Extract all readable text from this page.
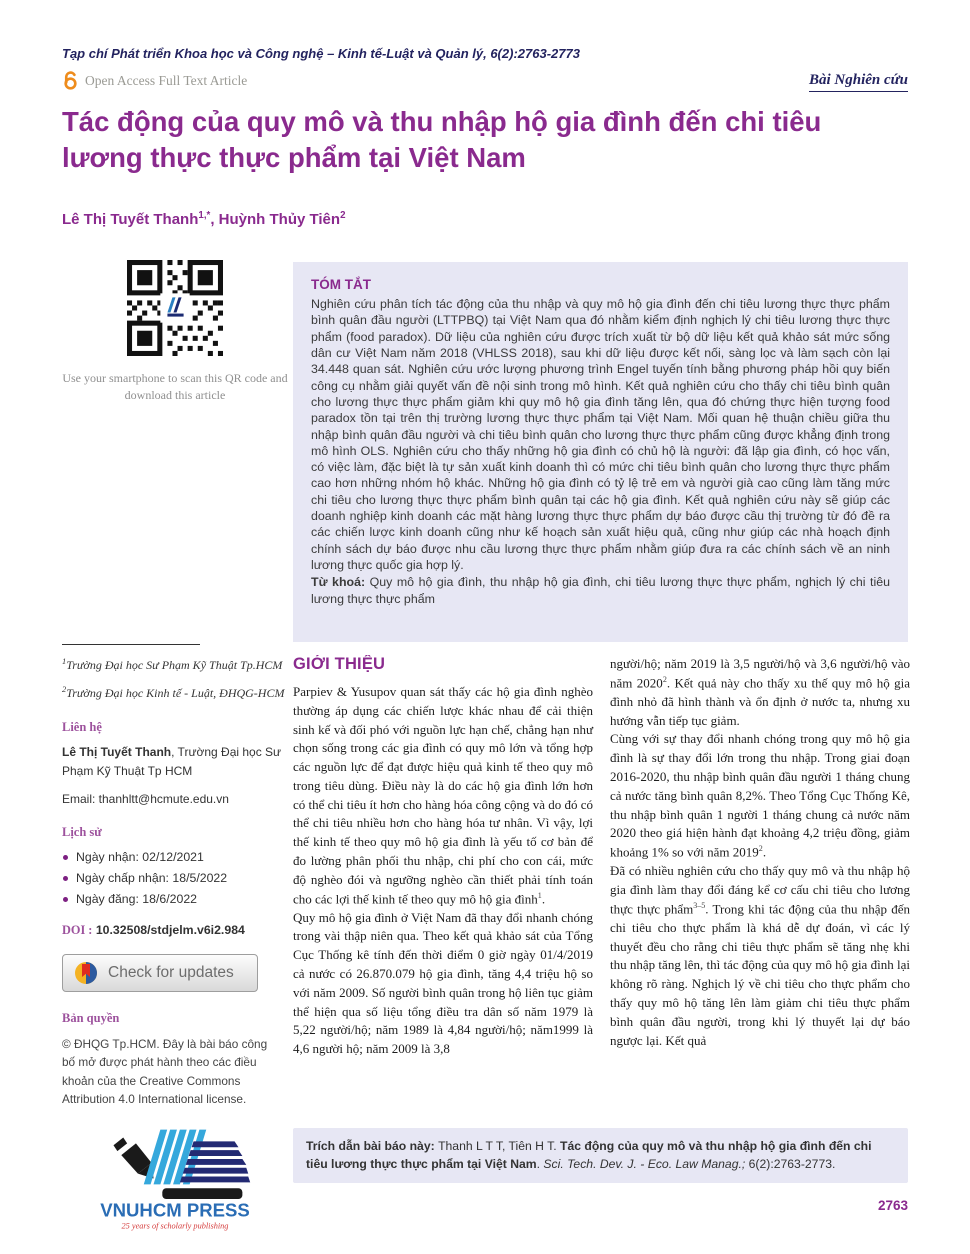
Tạp chí Phát triển Khoa học và Công nghệ – Kinh tế-Luật và Quản lý, 6(2):2763-2773
Open Access Full Text Article	Bài Nghiên cứu
Tác động của quy mô và thu nhập hộ gia đình đến chi tiêu lương thực thực phẩm tại Việt Nam
Lê Thị Tuyết Thanh$^{1,*}$, Huỳnh Thủy Tiên$^2$
Use your smartphone to scan this QR code and download this article
$^1$Trường Đại học Sư Phạm Kỹ Thuật Tp.HCM
$^2$Trường Đại học Kinh tế - Luật, ĐHQG-HCM
Liên hệ
Lê Thị Tuyết Thanh, Trường Đại học Sư Phạm Kỹ Thuật Tp HCM
Email: thanhltt@hcmute.edu.vn
Lịch sử
Ngày nhận: 02/12/2021
Ngày chấp nhận: 18/5/2022
Ngày đăng: 18/6/2022
DOI : 10.32508/stdjelm.v6i2.984
Check for updates
Bản quyền
© ĐHQG Tp.HCM. Đây là bài báo công bố mở được phát hành theo các điều khoản của the Creative Commons Attribution 4.0 International license.
VNUHCM PRESS
25 years of scholarly publishing
TÓM TẮT
Nghiên cứu phân tích tác động của thu nhập và quy mô hộ gia đình đến chi tiêu lương thực thực phẩm bình quân đầu người (LTTPBQ) tại Việt Nam qua đó nhằm kiểm định nghịch lý chi tiêu lương thực thực phẩm (food paradox). Dữ liệu của nghiên cứu được trích xuất từ bộ dữ liệu kết quả khảo sát mức sống dân cư Việt Nam năm 2018 (VHLSS 2018), sau khi dữ liệu được kết nối, sàng lọc và làm sạch còn lại 34.448 quan sát. Nghiên cứu ước lượng phương trình Engel tuyến tính bằng phương pháp hồi quy biến công cụ nhằm giải quyết vấn đề nội sinh trong mô hình. Kết quả nghiên cứu cho thấy chi tiêu bình quân cho lương thực thực phẩm giảm khi quy mô hộ gia đình tăng lên, qua đó chứng thực hiện tượng food paradox tồn tại trên thị trường lương thực thực phẩm tại Việt Nam. Mối quan hệ thuận chiều giữa thu nhập bình quân đầu người và chi tiêu bình quân cho lương thực thực phẩm cũng được khẳng định trong mô hình OLS. Nghiên cứu cho thấy những hộ gia đình có chủ hộ là người: đã lập gia đình, có học vấn, có việc làm, đặc biệt là tự sản xuất kinh doanh thì có mức chi tiêu bình quân cho lương thực thực phẩm cao hơn những nhóm hộ khác. Những hộ gia đình có tỷ lệ trẻ em và người già cao cũng làm tăng mức chi tiêu cho lương thực thực phẩm bình quân tại các hộ gia đình. Kết quả nghiên cứu này sẽ giúp các doanh nghiệp kinh doanh các mặt hàng lương thực thực phẩm dự báo được cầu thị trường từ đó đề ra các chiến lược kinh doanh cũng như kế hoạch sản xuất hiệu quả, cũng như giúp các nhà hoạch định chính sách dự báo được nhu cầu lương thực thực phẩm nhằm giúp đưa ra các chính sách về an ninh lương thực quốc gia hợp lý.
Từ khoá: Quy mô hộ gia đình, thu nhập hộ gia đình, chi tiêu lương thực thực phẩm, nghịch lý chi tiêu lương thực thực phẩm
GIỚI THIỆU

Parpiev & Yusupov quan sát thấy các hộ gia đình nghèo thường áp dụng các chiến lược khác nhau để cải thiện sinh kế và đối phó với nguồn lực hạn chế, chẳng hạn như chọn sống trong các gia đình có quy mô lớn và tổng hợp các nguồn lực để đạt được hiệu quả kinh tế theo quy mô trong tiêu dùng. Điều này là do các hộ gia đình lớn hơn có thể chi tiêu ít hơn cho hàng hóa công cộng và do đó có thể chi tiêu nhiều hơn cho hàng hóa tư nhân. Vì vậy, lợi thế kinh tế theo quy mô hộ gia đình là yếu tố cơ bản để đo lường phân phối thu nhập, chi phí cho con cái, mức độ nghèo đói và ngưỡng nghèo cần thiết phải tính toán cho các lợi thế kinh tế theo quy mô hộ gia đình$^1$.

Quy mô hộ gia đình ở Việt Nam đã thay đổi nhanh chóng trong vài thập niên qua. Theo kết quả khảo sát của Tổng Cục Thống kê tính đến thời điểm 0 giờ ngày 01/4/2019 cả nước có 26.870.079 hộ gia đình, tăng 4,4 triệu hộ so với năm 2009. Số người bình quân trong hộ liên tục giảm thể hiện qua số liệu tổng điều tra dân số năm 1979 là 5,22 người/hộ; năm 1989 là 4,84 người/hộ; năm1999 là 4,6 người hộ; năm 2009 là 3,8

người/hộ; năm 2019 là 3,5 người/hộ và 3,6 người/hộ vào năm 2020$^2$. Kết quả này cho thấy xu thế quy mô hộ gia đình nhỏ đã hình thành và ổn định ở nước ta, nhưng xu hướng vẫn tiếp tục giảm.

Cùng với sự thay đổi nhanh chóng trong quy mô hộ gia đình là sự thay đổi lớn trong thu nhập. Trong giai đoạn 2016-2020, thu nhập bình quân đầu người 1 tháng chung cả nước tăng bình quân 8,2%. Theo Tổng Cục Thống Kê, thu nhập bình quân 1 người 1 tháng chung cả nước năm 2020 theo giá hiện hành đạt khoảng 4,2 triệu đồng, giảm khoảng 1% so với năm 2019$^2$.

Đã có nhiều nghiên cứu cho thấy quy mô và thu nhập hộ gia đình làm thay đổi đáng kể cơ cấu chi tiêu cho lương thực thực phẩm$^{3-5}$. Trong khi tác động của thu nhập đến chi tiêu cho thực phẩm là khá dễ dự đoán, vì các lý thuyết đều cho rằng chi tiêu thực phẩm sẽ tăng nhẹ khi thu nhập tăng lên, thì tác động của quy mô hộ gia đình lại không rõ ràng. Nghịch lý về chi tiêu cho thực phẩm cho thấy quy mô hộ tăng lên làm giảm chi tiêu thực phẩm bình quân đầu người, trong khi lý thuyết lại dự báo ngược lại. Kết quả

Trích dẫn bài báo này: Thanh L T T, Tiên H T. Tác động của quy mô và thu nhập hộ gia đình đến chi tiêu lương thực thực phẩm tại Việt Nam. Sci. Tech. Dev. J. - Eco. Law Manag.; 6(2):2763-2773.
2763
